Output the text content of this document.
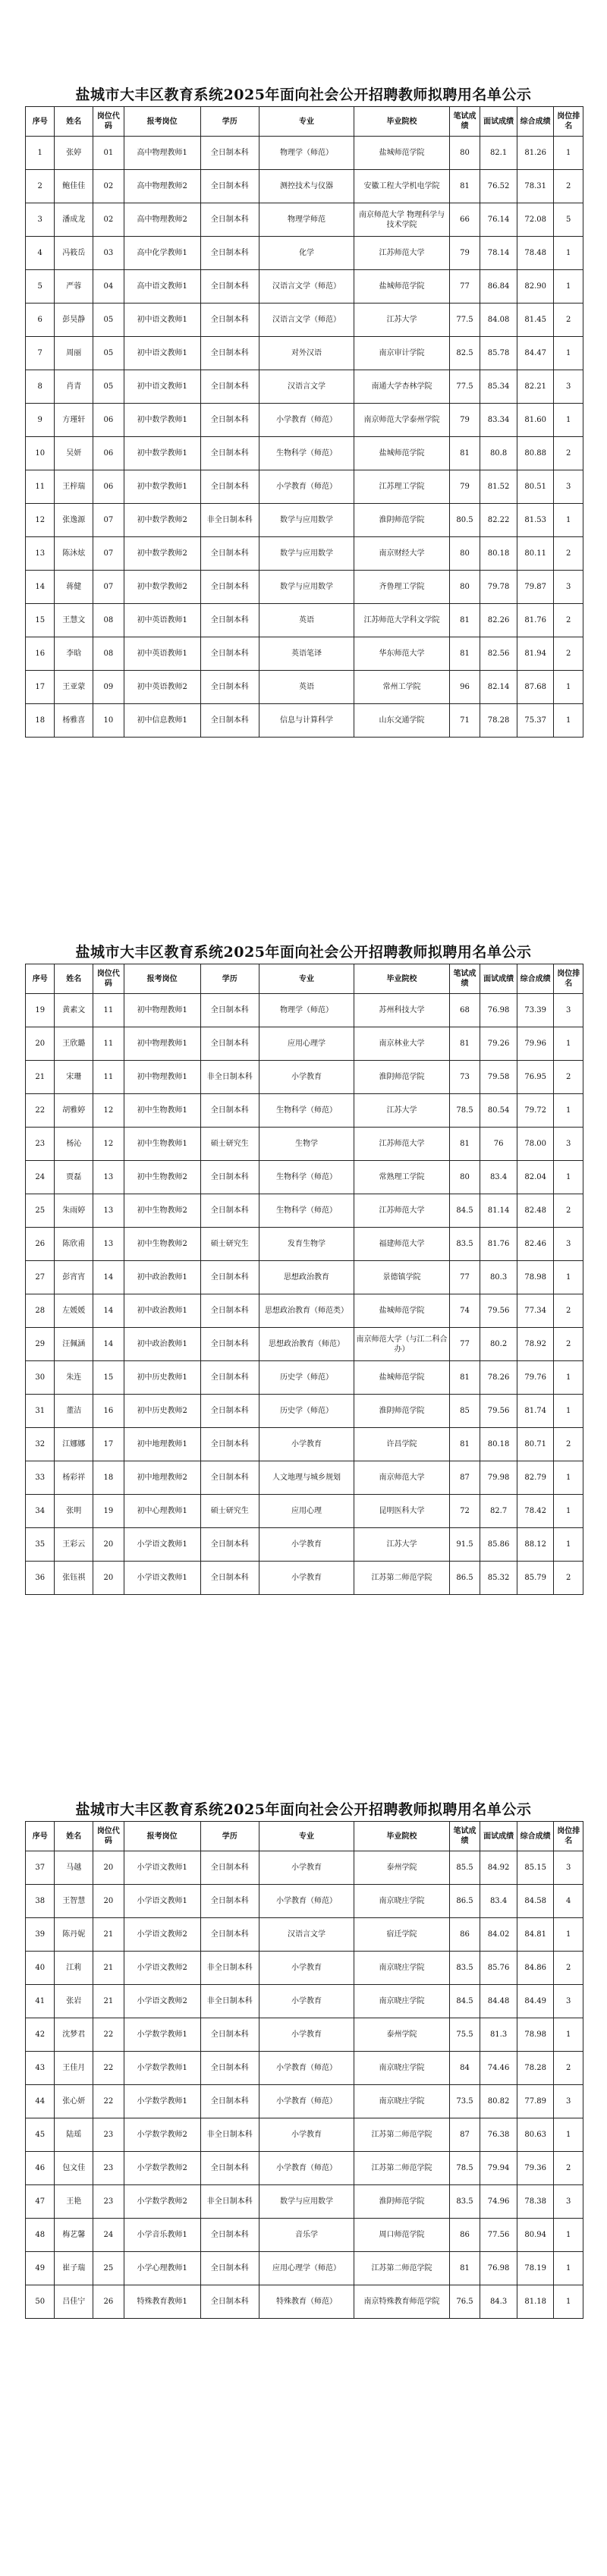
盐城市大丰区教育系统2025年面向社会公开招聘教师拟聘用名单公示
序号	姓名	岗位代码	报考岗位	学历	专业	毕业院校	笔试成绩	面试成绩	综合成绩	岗位排名
1	张婷	01	高中物理教师1	全日制本科	物理学（师范）	盐城师范学院	80	82.1	81.26	1
2	鲍佳佳	02	高中物理教师2	全日制本科	测控技术与仪器	安徽工程大学机电学院	81	76.52	78.31	2
3	潘成龙	02	高中物理教师2	全日制本科	物理学师范	南京师范大学 物理科学与技术学院	66	76.14	72.08	5
4	冯筱岳	03	高中化学教师1	全日制本科	化学	江苏师范大学	79	78.14	78.48	1
5	严蓉	04	高中语文教师1	全日制本科	汉语言文学（师范）	盐城师范学院	77	86.84	82.90	1
6	彭昊静	05	初中语文教师1	全日制本科	汉语言文学（师范）	江苏大学	77.5	84.08	81.45	2
7	周丽	05	初中语文教师1	全日制本科	对外汉语	南京审计学院	82.5	85.78	84.47	1
8	肖青	05	初中语文教师1	全日制本科	汉语言文学	南通大学杏林学院	77.5	85.34	82.21	3
9	方瑾轩	06	初中数学教师1	全日制本科	小学教育（师范）	南京师范大学泰州学院	79	83.34	81.60	1
10	吴妍	06	初中数学教师1	全日制本科	生物科学（师范）	盐城师范学院	81	80.8	80.88	2
11	王梓瑞	06	初中数学教师1	全日制本科	小学教育（师范）	江苏理工学院	79	81.52	80.51	3
12	张逸源	07	初中数学教师2	非全日制本科	数学与应用数学	淮阴师范学院	80.5	82.22	81.53	1
13	陈沐炫	07	初中数学教师2	全日制本科	数学与应用数学	南京财经大学	80	80.18	80.11	2
14	蒋健	07	初中数学教师2	全日制本科	数学与应用数学	齐鲁理工学院	80	79.78	79.87	3
15	王慧文	08	初中英语教师1	全日制本科	英语	江苏师范大学科文学院	81	82.26	81.76	2
16	李晗	08	初中英语教师1	全日制本科	英语笔译	华东师范大学	81	82.56	81.94	2
17	王亚蒙	09	初中英语教师2	全日制本科	英语	常州工学院	96	82.14	87.68	1
18	杨雅喜	10	初中信息教师1	全日制本科	信息与计算科学	山东交通学院	71	78.28	75.37	1
盐城市大丰区教育系统2025年面向社会公开招聘教师拟聘用名单公示
序号	姓名	岗位代码	报考岗位	学历	专业	毕业院校	笔试成绩	面试成绩	综合成绩	岗位排名
19	黄素文	11	初中物理教师1	全日制本科	物理学（师范）	苏州科技大学	68	76.98	73.39	3
20	王欣璐	11	初中物理教师1	全日制本科	应用心理学	南京林业大学	81	79.26	79.96	1
21	宋珊	11	初中物理教师1	非全日制本科	小学教育	淮阴师范学院	73	79.58	76.95	2
22	胡雅婷	12	初中生物教师1	全日制本科	生物科学（师范）	江苏大学	78.5	80.54	79.72	1
23	杨沁	12	初中生物教师1	硕士研究生	生物学	江苏师范大学	81	76	78.00	3
24	贾磊	13	初中生物教师2	全日制本科	生物科学（师范）	常熟理工学院	80	83.4	82.04	1
25	朱雨婷	13	初中生物教师2	全日制本科	生物科学（师范）	江苏师范大学	84.5	81.14	82.48	2
26	陈欣甫	13	初中生物教师2	硕士研究生	发育生物学	福建师范大学	83.5	81.76	82.46	3
27	彭宵宵	14	初中政治教师1	全日制本科	思想政治教育	景德镇学院	77	80.3	78.98	1
28	左媛媛	14	初中政治教师1	全日制本科	思想政治教育（师范类）	盐城师范学院	74	79.56	77.34	2
29	汪佩涵	14	初中政治教师1	全日制本科	思想政治教育（师范）	南京师范大学（与江二科合办）	77	80.2	78.92	2
30	朱连	15	初中历史教师1	全日制本科	历史学（师范）	盐城师范学院	81	78.26	79.76	1
31	董洁	16	初中历史教师2	全日制本科	历史学（师范）	淮阴师范学院	85	79.56	81.74	1
32	江娜娜	17	初中地理教师1	全日制本科	小学教育	许昌学院	81	80.18	80.71	2
33	杨彩祥	18	初中地理教师2	全日制本科	人文地理与城乡规划	南京师范大学	87	79.98	82.79	1
34	张明	19	初中心理教师1	硕士研究生	应用心理	昆明医科大学	72	82.7	78.42	1
35	王彩云	20	小学语文教师1	全日制本科	小学教育	江苏大学	91.5	85.86	88.12	1
36	张钰祺	20	小学语文教师1	全日制本科	小学教育	江苏第二师范学院	86.5	85.32	85.79	2
盐城市大丰区教育系统2025年面向社会公开招聘教师拟聘用名单公示
序号	姓名	岗位代码	报考岗位	学历	专业	毕业院校	笔试成绩	面试成绩	综合成绩	岗位排名
37	马越	20	小学语文教师1	全日制本科	小学教育	泰州学院	85.5	84.92	85.15	3
38	王智慧	20	小学语文教师1	全日制本科	小学教育（师范）	南京晓庄学院	86.5	83.4	84.58	4
39	陈丹妮	21	小学语文教师2	全日制本科	汉语言文学	宿迁学院	86	84.02	84.81	1
40	江莉	21	小学语文教师2	非全日制本科	小学教育	南京晓庄学院	83.5	85.76	84.86	2
41	张岩	21	小学语文教师2	非全日制本科	小学教育	南京晓庄学院	84.5	84.48	84.49	3
42	沈梦君	22	小学数学教师1	全日制本科	小学教育	泰州学院	75.5	81.3	78.98	1
43	王佳月	22	小学数学教师1	全日制本科	小学教育（师范）	南京晓庄学院	84	74.46	78.28	2
44	张心妍	22	小学数学教师1	全日制本科	小学教育（师范）	南京晓庄学院	73.5	80.82	77.89	3
45	陆瑶	23	小学数学教师2	非全日制本科	小学教育	江苏第二师范学院	87	76.38	80.63	1
46	包文佳	23	小学数学教师2	全日制本科	小学教育（师范）	江苏第二师范学院	78.5	79.94	79.36	2
47	王艳	23	小学数学教师2	非全日制本科	数学与应用数学	淮阴师范学院	83.5	74.96	78.38	3
48	梅艺馨	24	小学音乐教师1	全日制本科	音乐学	周口师范学院	86	77.56	80.94	1
49	崔子瑞	25	小学心理教师1	全日制本科	应用心理学（师范）	江苏第二师范学院	81	76.98	78.19	1
50	吕佳宁	26	特殊教育教师1	全日制本科	特殊教育（师范）	南京特殊教育师范学院	76.5	84.3	81.18	1
